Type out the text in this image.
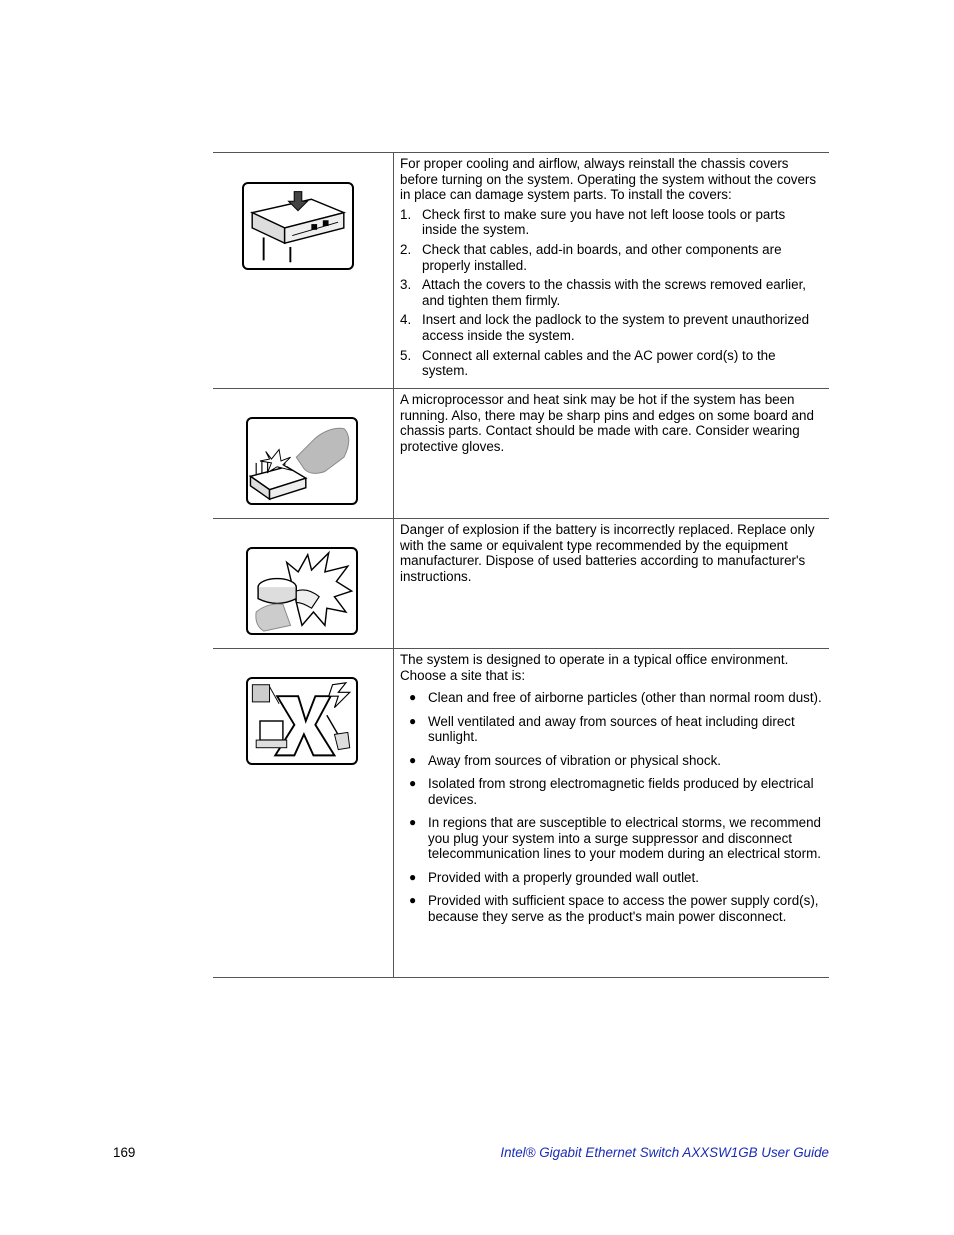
For proper cooling and airflow, always reinstall the chassis covers before turning on the system. Operating the system without the covers in place can damage system parts. To install the covers:

1. Check first to make sure you have not left loose tools or parts inside the system.
2. Check that cables, add-in boards, and other components are properly installed.
3. Attach the covers to the chassis with the screws removed earlier, and tighten them firmly.
4. Insert and lock the padlock to the system to prevent unauthorized access inside the system.
5. Connect all external cables and the AC power cord(s) to the system.

A microprocessor and heat sink may be hot if the system has been running. Also, there may be sharp pins and edges on some board and chassis parts. Contact should be made with care. Consider wearing protective gloves.

Danger of explosion if the battery is incorrectly replaced. Replace only with the same or equivalent type recommended by the equipment manufacturer. Dispose of used batteries according to manufacturer's instructions.

The system is designed to operate in a typical office environment. Choose a site that is:

● Clean and free of airborne particles (other than normal room dust).
● Well ventilated and away from sources of heat including direct sunlight.
● Away from sources of vibration or physical shock.
● Isolated from strong electromagnetic fields produced by electrical devices.
● In regions that are susceptible to electrical storms, we recommend you plug your system into a surge suppressor and disconnect telecommunication lines to your modem during an electrical storm.
● Provided with a properly grounded wall outlet.
● Provided with sufficient space to access the power supply cord(s), because they serve as the product's main power disconnect.
169	Intel® Gigabit Ethernet Switch AXXSW1GB User Guide
